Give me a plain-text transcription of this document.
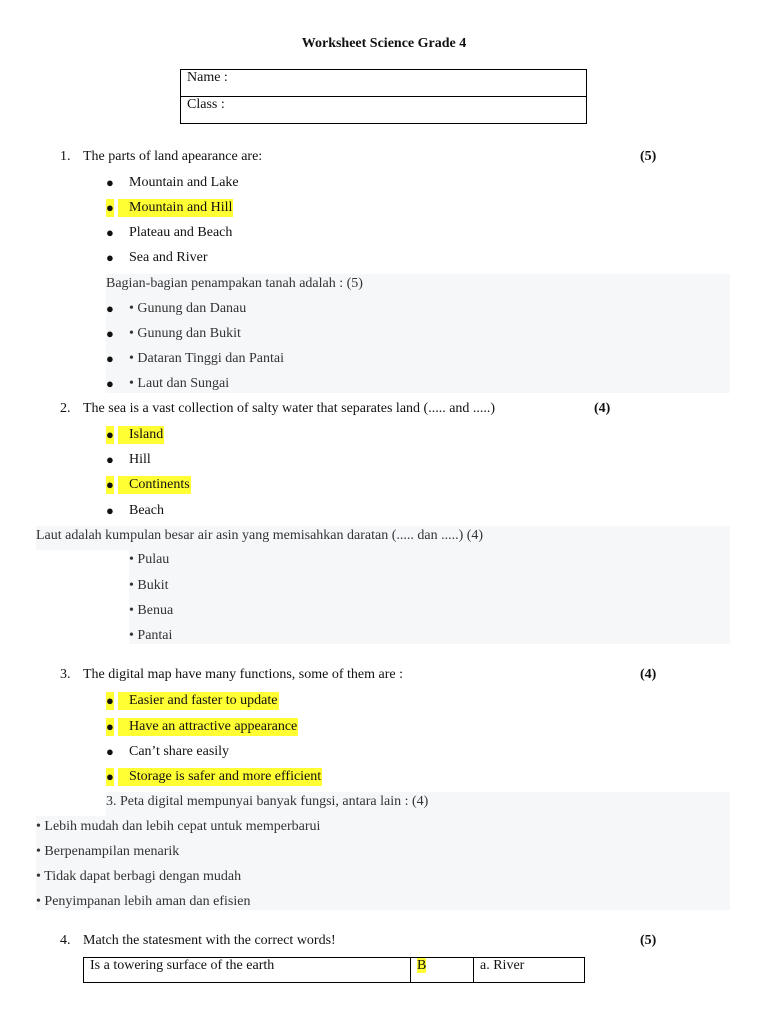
Worksheet Science Grade 4
Name :
Class :
1. The parts of land apearance are:	(5)
● Mountain and Lake
●	Mountain and Hill
● Plateau and Beach
● Sea and River
Bagian-bagian penampakan tanah adalah : (5)
● • Gunung dan Danau
● • Gunung dan Bukit
● • Dataran Tinggi dan Pantai
● • Laut dan Sungai
2. The sea is a vast collection of salty water that separates land (..... and .....)	(4)
●	Island
● Hill
●	Continents
● Beach
Laut adalah kumpulan besar air asin yang memisahkan daratan (..... dan .....) (4)
• Pulau
• Bukit
• Benua
• Pantai
3. The digital map have many functions, some of them are :	(4)
●	Easier and faster to update
●	Have an attractive appearance
● Can’t share easily
●	Storage is safer and more efficient
3. Peta digital mempunyai banyak fungsi, antara lain : (4)
• Lebih mudah dan lebih cepat untuk memperbarui
• Berpenampilan menarik
• Tidak dapat berbagi dengan mudah
• Penyimpanan lebih aman dan efisien
4. Match the statesment with the correct words!	(5)
Is a towering surface of the earth	B	a. River
